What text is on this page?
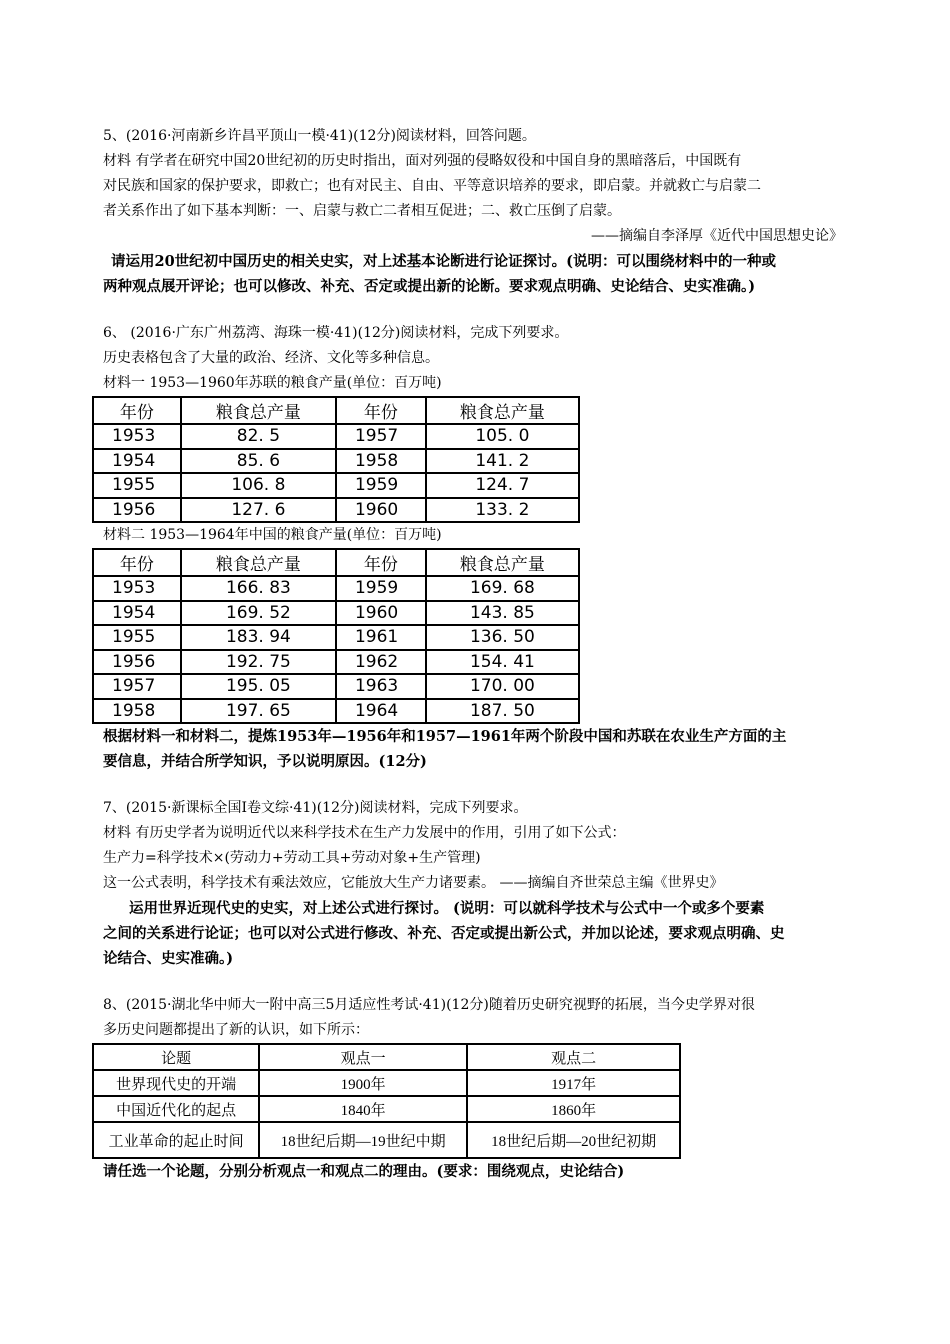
5、(2016·河南新乡许昌平顶山一模·41)(12分)阅读材料，回答问题。
材料 有学者在研究中国20世纪初的历史时指出，面对列强的侵略奴役和中国自身的黑暗落后，中国既有
对民族和国家的保护要求，即救亡；也有对民主、自由、平等意识培养的要求，即启蒙。并就救亡与启蒙二
者关系作出了如下基本判断：一、启蒙与救亡二者相互促进；二、救亡压倒了启蒙。
——摘编自李泽厚《近代中国思想史论》
请运用20世纪初中国历史的相关史实，对上述基本论断进行论证探讨。(说明：可以围绕材料中的一种或
两种观点展开评论；也可以修改、补充、否定或提出新的论断。要求观点明确、史论结合、史实准确。)
6、 (2016·广东广州荔湾、海珠一模·41)(12分)阅读材料，完成下列要求。
历史表格包含了大量的政治、经济、文化等多种信息。
材料一 1953—1960年苏联的粮食产量(单位：百万吨)
年份	粮食总产量	年份	粮食总产量
1953	82. 5	1957	105. 0
1954	85. 6	1958	141. 2
1955	106. 8	1959	124. 7
1956	127. 6	1960	133. 2
材料二 1953—1964年中国的粮食产量(单位：百万吨)
年份	粮食总产量	年份	粮食总产量
1953	166. 83	1959	169. 68
1954	169. 52	1960	143. 85
1955	183. 94	1961	136. 50
1956	192. 75	1962	154. 41
1957	195. 05	1963	170. 00
1958	197. 65	1964	187. 50
根据材料一和材料二，提炼1953年—1956年和1957—1961年两个阶段中国和苏联在农业生产方面的主
要信息，并结合所学知识，予以说明原因。(12分)
7、(2015·新课标全国Ⅰ卷文综·41)(12分)阅读材料，完成下列要求。
材料 有历史学者为说明近代以来科学技术在生产力发展中的作用，引用了如下公式：
生产力=科学技术×(劳动力+劳动工具+劳动对象+生产管理)
这一公式表明，科学技术有乘法效应，它能放大生产力诸要素。 ——摘编自齐世荣总主编《世界史》
运用世界近现代史的史实，对上述公式进行探讨。 (说明：可以就科学技术与公式中一个或多个要素
之间的关系进行论证；也可以对公式进行修改、补充、否定或提出新公式，并加以论述，要求观点明确、史
论结合、史实准确。)
8、(2015·湖北华中师大一附中高三5月适应性考试·41)(12分)随着历史研究视野的拓展，当今史学界对很
多历史问题都提出了新的认识，如下所示：
论题	观点一	观点二
世界现代史的开端	1900年	1917年
中国近代化的起点	1840年	1860年
工业革命的起止时间	18世纪后期—19世纪中期	18世纪后期—20世纪初期
请任选一个论题，分别分析观点一和观点二的理由。(要求：围绕观点，史论结合)
